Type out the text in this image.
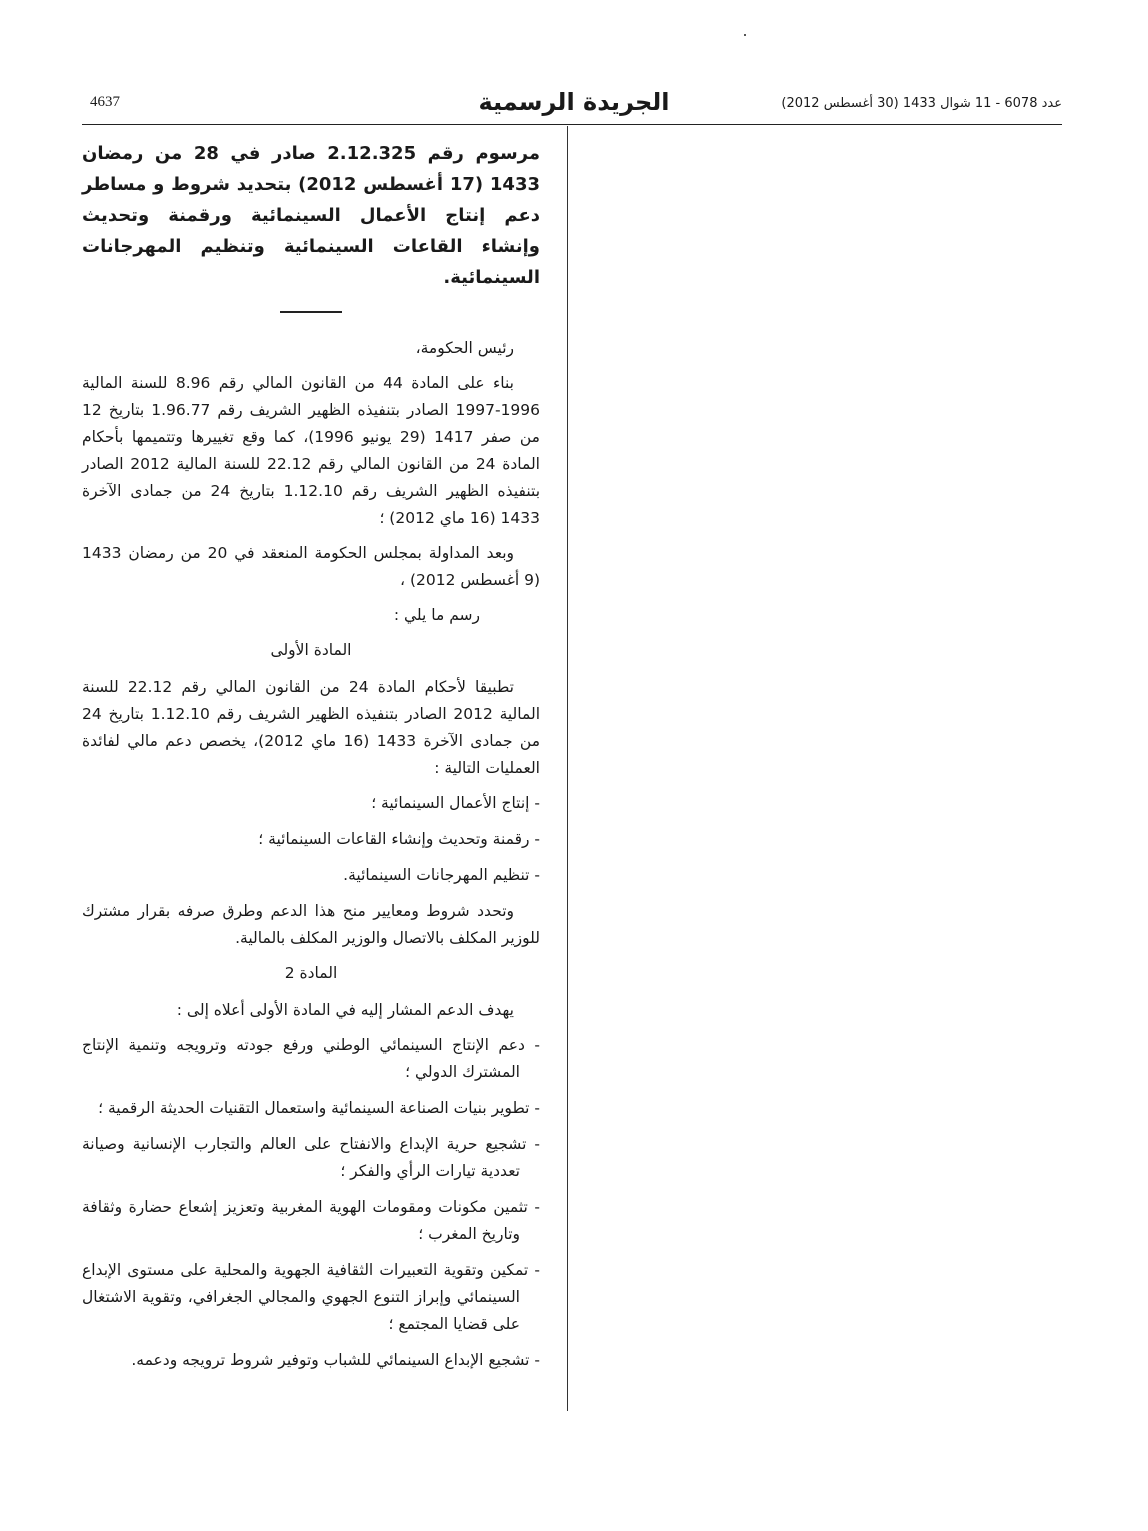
4637	الجريدة الرسمية	عدد 6078 - 11 شوال 1433 (30 أغسطس 2012)
مرسوم رقم 2.12.325 صادر في 28 من رمضان 1433 (17 أغسطس 2012) بتحديد شروط و مساطر دعم إنتاج الأعمال السينمائية ورقمنة وتحديث وإنشاء القاعات السينمائية وتنظيم المهرجانات السينمائية.

رئيس الحكومة،

بناء على المادة 44 من القانون المالي رقم 8.96 للسنة المالية 1996-1997 الصادر بتنفيذه الظهير الشريف رقم 1.96.77 بتاريخ 12 من صفر 1417 (29 يونيو 1996)، كما وقع تغييرها وتتميمها بأحكام المادة 24 من القانون المالي رقم 22.12 للسنة المالية 2012 الصادر بتنفيذه الظهير الشريف رقم 1.12.10 بتاريخ 24 من جمادى الآخرة 1433 (16 ماي 2012) ؛

وبعد المداولة بمجلس الحكومة المنعقد في 20 من رمضان 1433 (9 أغسطس 2012) ،

رسم ما يلي :

المادة الأولى

تطبيقا لأحكام المادة 24 من القانون المالي رقم 22.12 للسنة المالية 2012 الصادر بتنفيذه الظهير الشريف رقم 1.12.10 بتاريخ 24 من جمادى الآخرة 1433 (16 ماي 2012)، يخصص دعم مالي لفائدة العمليات التالية :

- إنتاج الأعمال السينمائية ؛

- رقمنة وتحديث وإنشاء القاعات السينمائية ؛

- تنظيم المهرجانات السينمائية.

وتحدد شروط ومعايير منح هذا الدعم وطرق صرفه بقرار مشترك للوزير المكلف بالاتصال والوزير المكلف بالمالية.

المادة 2

يهدف الدعم المشار إليه في المادة الأولى أعلاه إلى :

- دعم الإنتاج السينمائي الوطني ورفع جودته وترويجه وتنمية الإنتاج المشترك الدولي ؛

- تطوير بنيات الصناعة السينمائية واستعمال التقنيات الحديثة الرقمية ؛

- تشجيع حرية الإبداع والانفتاح على العالم والتجارب الإنسانية وصيانة تعددية تيارات الرأي والفكر ؛

- تثمين مكونات ومقومات الهوية المغربية وتعزيز إشعاع حضارة وثقافة وتاريخ المغرب ؛

- تمكين وتقوية التعبيرات الثقافية الجهوية والمحلية على مستوى الإبداع السينمائي وإبراز التنوع الجهوي والمجالي الجغرافي، وتقوية الاشتغال على قضايا المجتمع ؛

- تشجيع الإبداع السينمائي للشباب وتوفير شروط ترويجه ودعمه.
